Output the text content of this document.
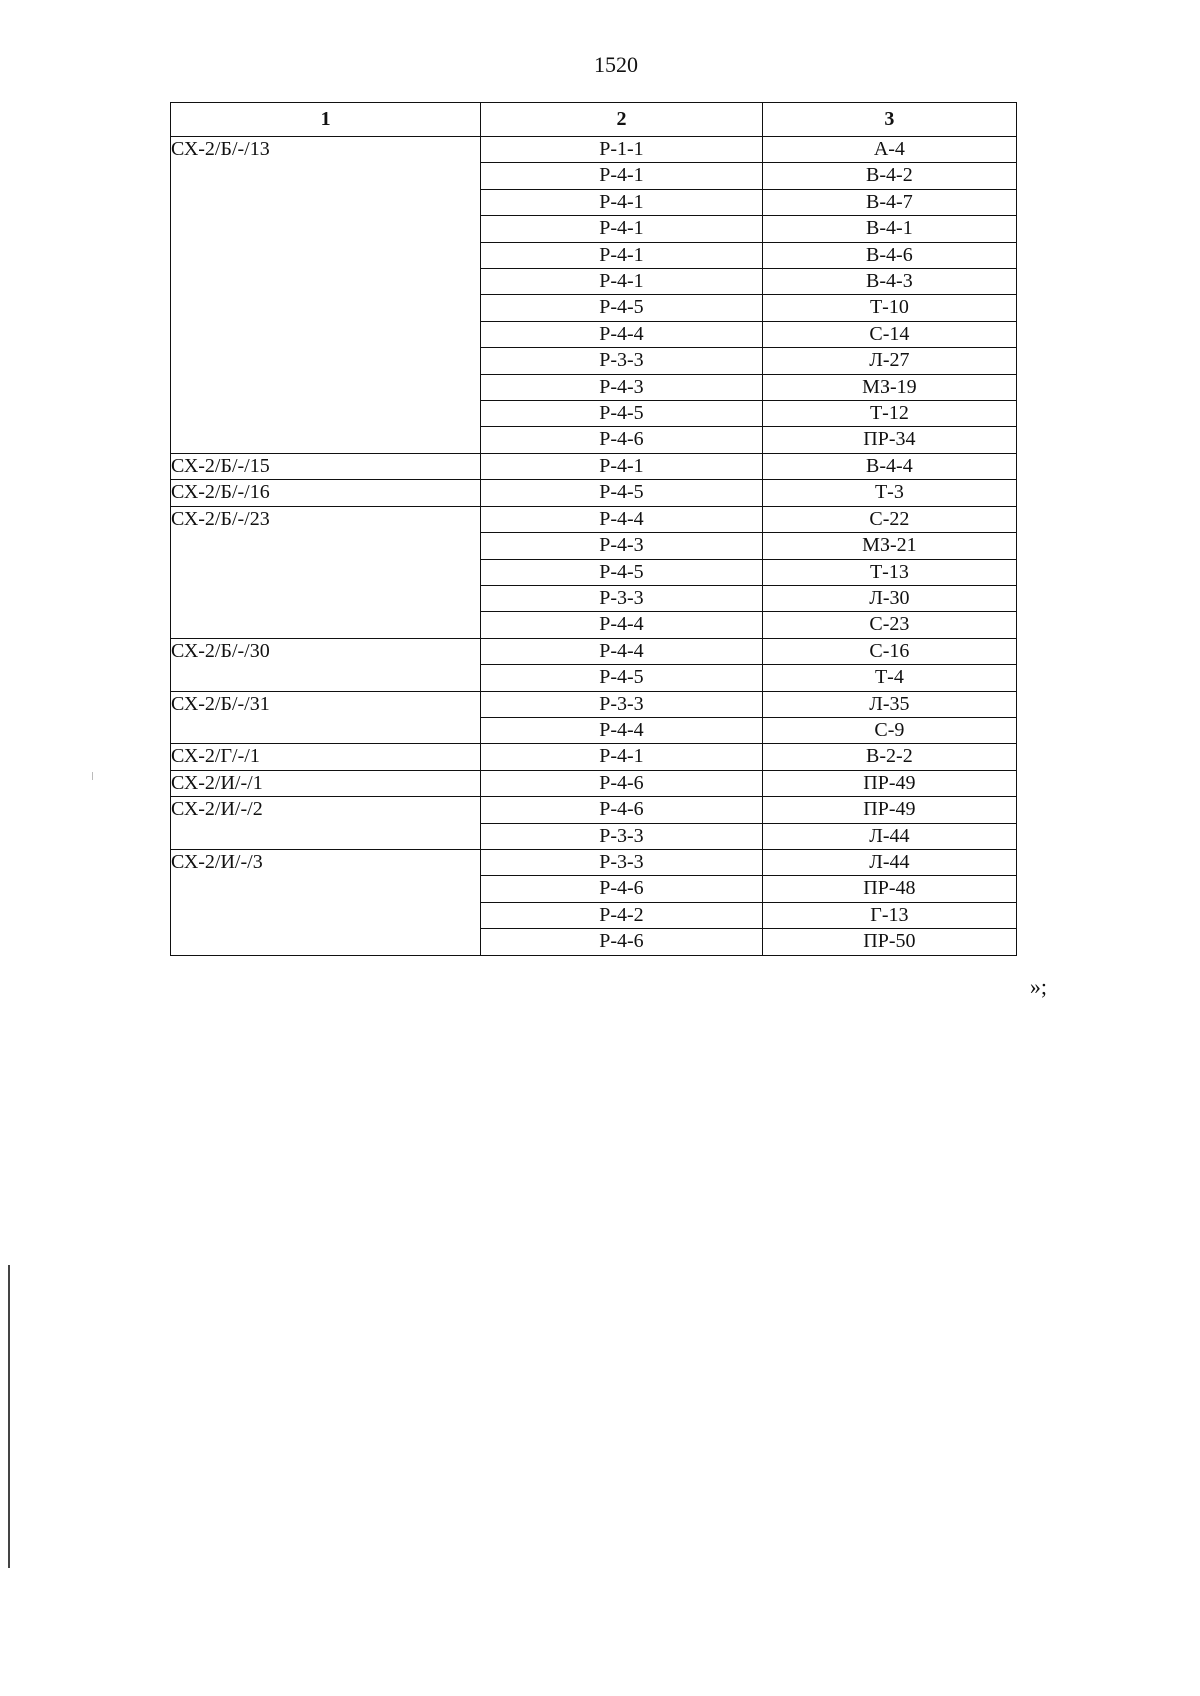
1520
1	2	3
СХ-2/Б/-/13	Р-1-1	А-4
	Р-4-1	В-4-2
	Р-4-1	В-4-7
	Р-4-1	В-4-1
	Р-4-1	В-4-6
	Р-4-1	В-4-3
	Р-4-5	Т-10
	Р-4-4	С-14
	Р-3-3	Л-27
	Р-4-3	МЗ-19
	Р-4-5	Т-12
	Р-4-6	ПР-34
СХ-2/Б/-/15	Р-4-1	В-4-4
СХ-2/Б/-/16	Р-4-5	Т-3
СХ-2/Б/-/23	Р-4-4	С-22
	Р-4-3	МЗ-21
	Р-4-5	Т-13
	Р-3-3	Л-30
	Р-4-4	С-23
СХ-2/Б/-/30	Р-4-4	С-16
	Р-4-5	Т-4
СХ-2/Б/-/31	Р-3-3	Л-35
	Р-4-4	С-9
СХ-2/Г/-/1	Р-4-1	В-2-2
СХ-2/И/-/1	Р-4-6	ПР-49
СХ-2/И/-/2	Р-4-6	ПР-49
	Р-3-3	Л-44
СХ-2/И/-/3	Р-3-3	Л-44
	Р-4-6	ПР-48
	Р-4-2	Г-13
	Р-4-6	ПР-50
»;
